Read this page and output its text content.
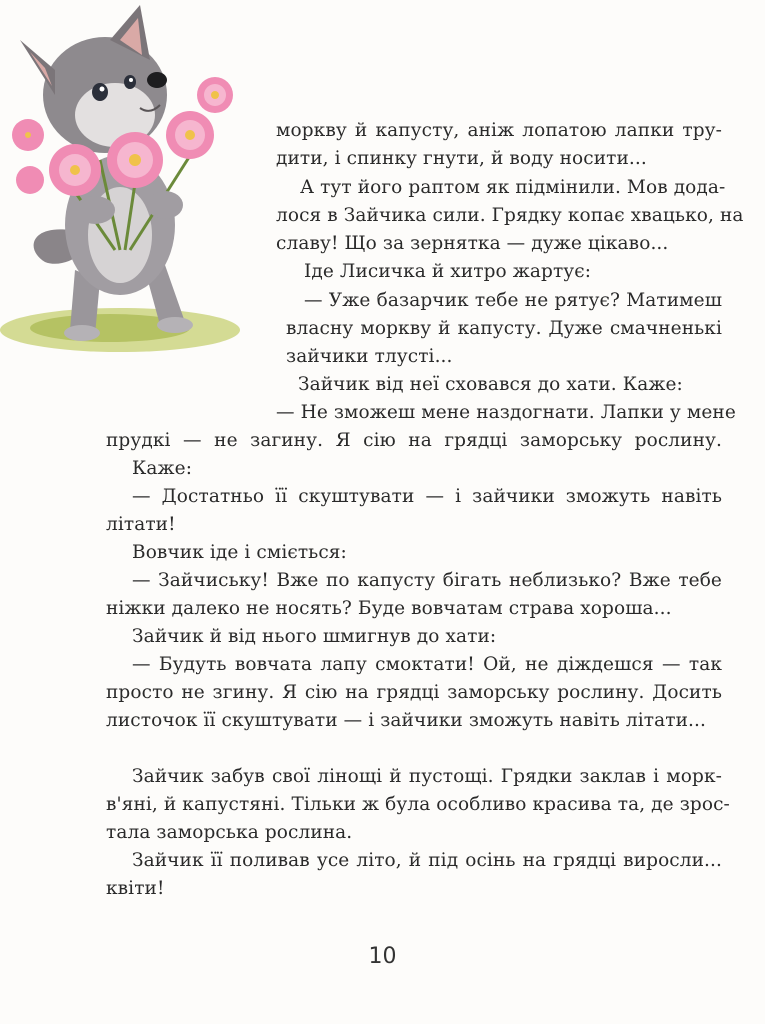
моркву й капусту, аніж лопатою лапки тру-
дити, і спинку гнути, й воду носити...
А тут його раптом як підмінили. Мов дода-
лося в Зайчика сили. Грядку копає хвацько, на
славу! Що за зернятка — дуже цікаво...
Іде Лисичка й хитро жартує:
— Уже базарчик тебе не рятує? Матимеш
власну моркву й капусту. Дуже смачненькі
зайчики тлусті...
Зайчик від неї сховався до хати. Каже:
— Не зможеш мене наздогнати. Лапки у мене
прудкі — не загину. Я сію на грядці заморську рослину.
Каже:
— Достатньо її скуштувати — і зайчики зможуть навіть
літати!
Вовчик іде і сміється:
— Зайчиську! Вже по капусту бігать неблизько? Вже тебе
ніжки далеко не носять? Буде вовчатам страва хороша...
Зайчик й від нього шмигнув до хати:
— Будуть вовчата лапу смоктати! Ой, не діждешся — так
просто не згину. Я сію на грядці заморську рослину. Досить
листочок її скуштувати — і зайчики зможуть навіть літати...
Зайчик забув свої лінощі й пустощі. Грядки заклав і морк-
в'яні, й капустяні. Тільки ж була особливо красива та, де зрос-
тала заморська рослина.
Зайчик її поливав усе літо, й під осінь на грядці виросли...
квіти!
10
